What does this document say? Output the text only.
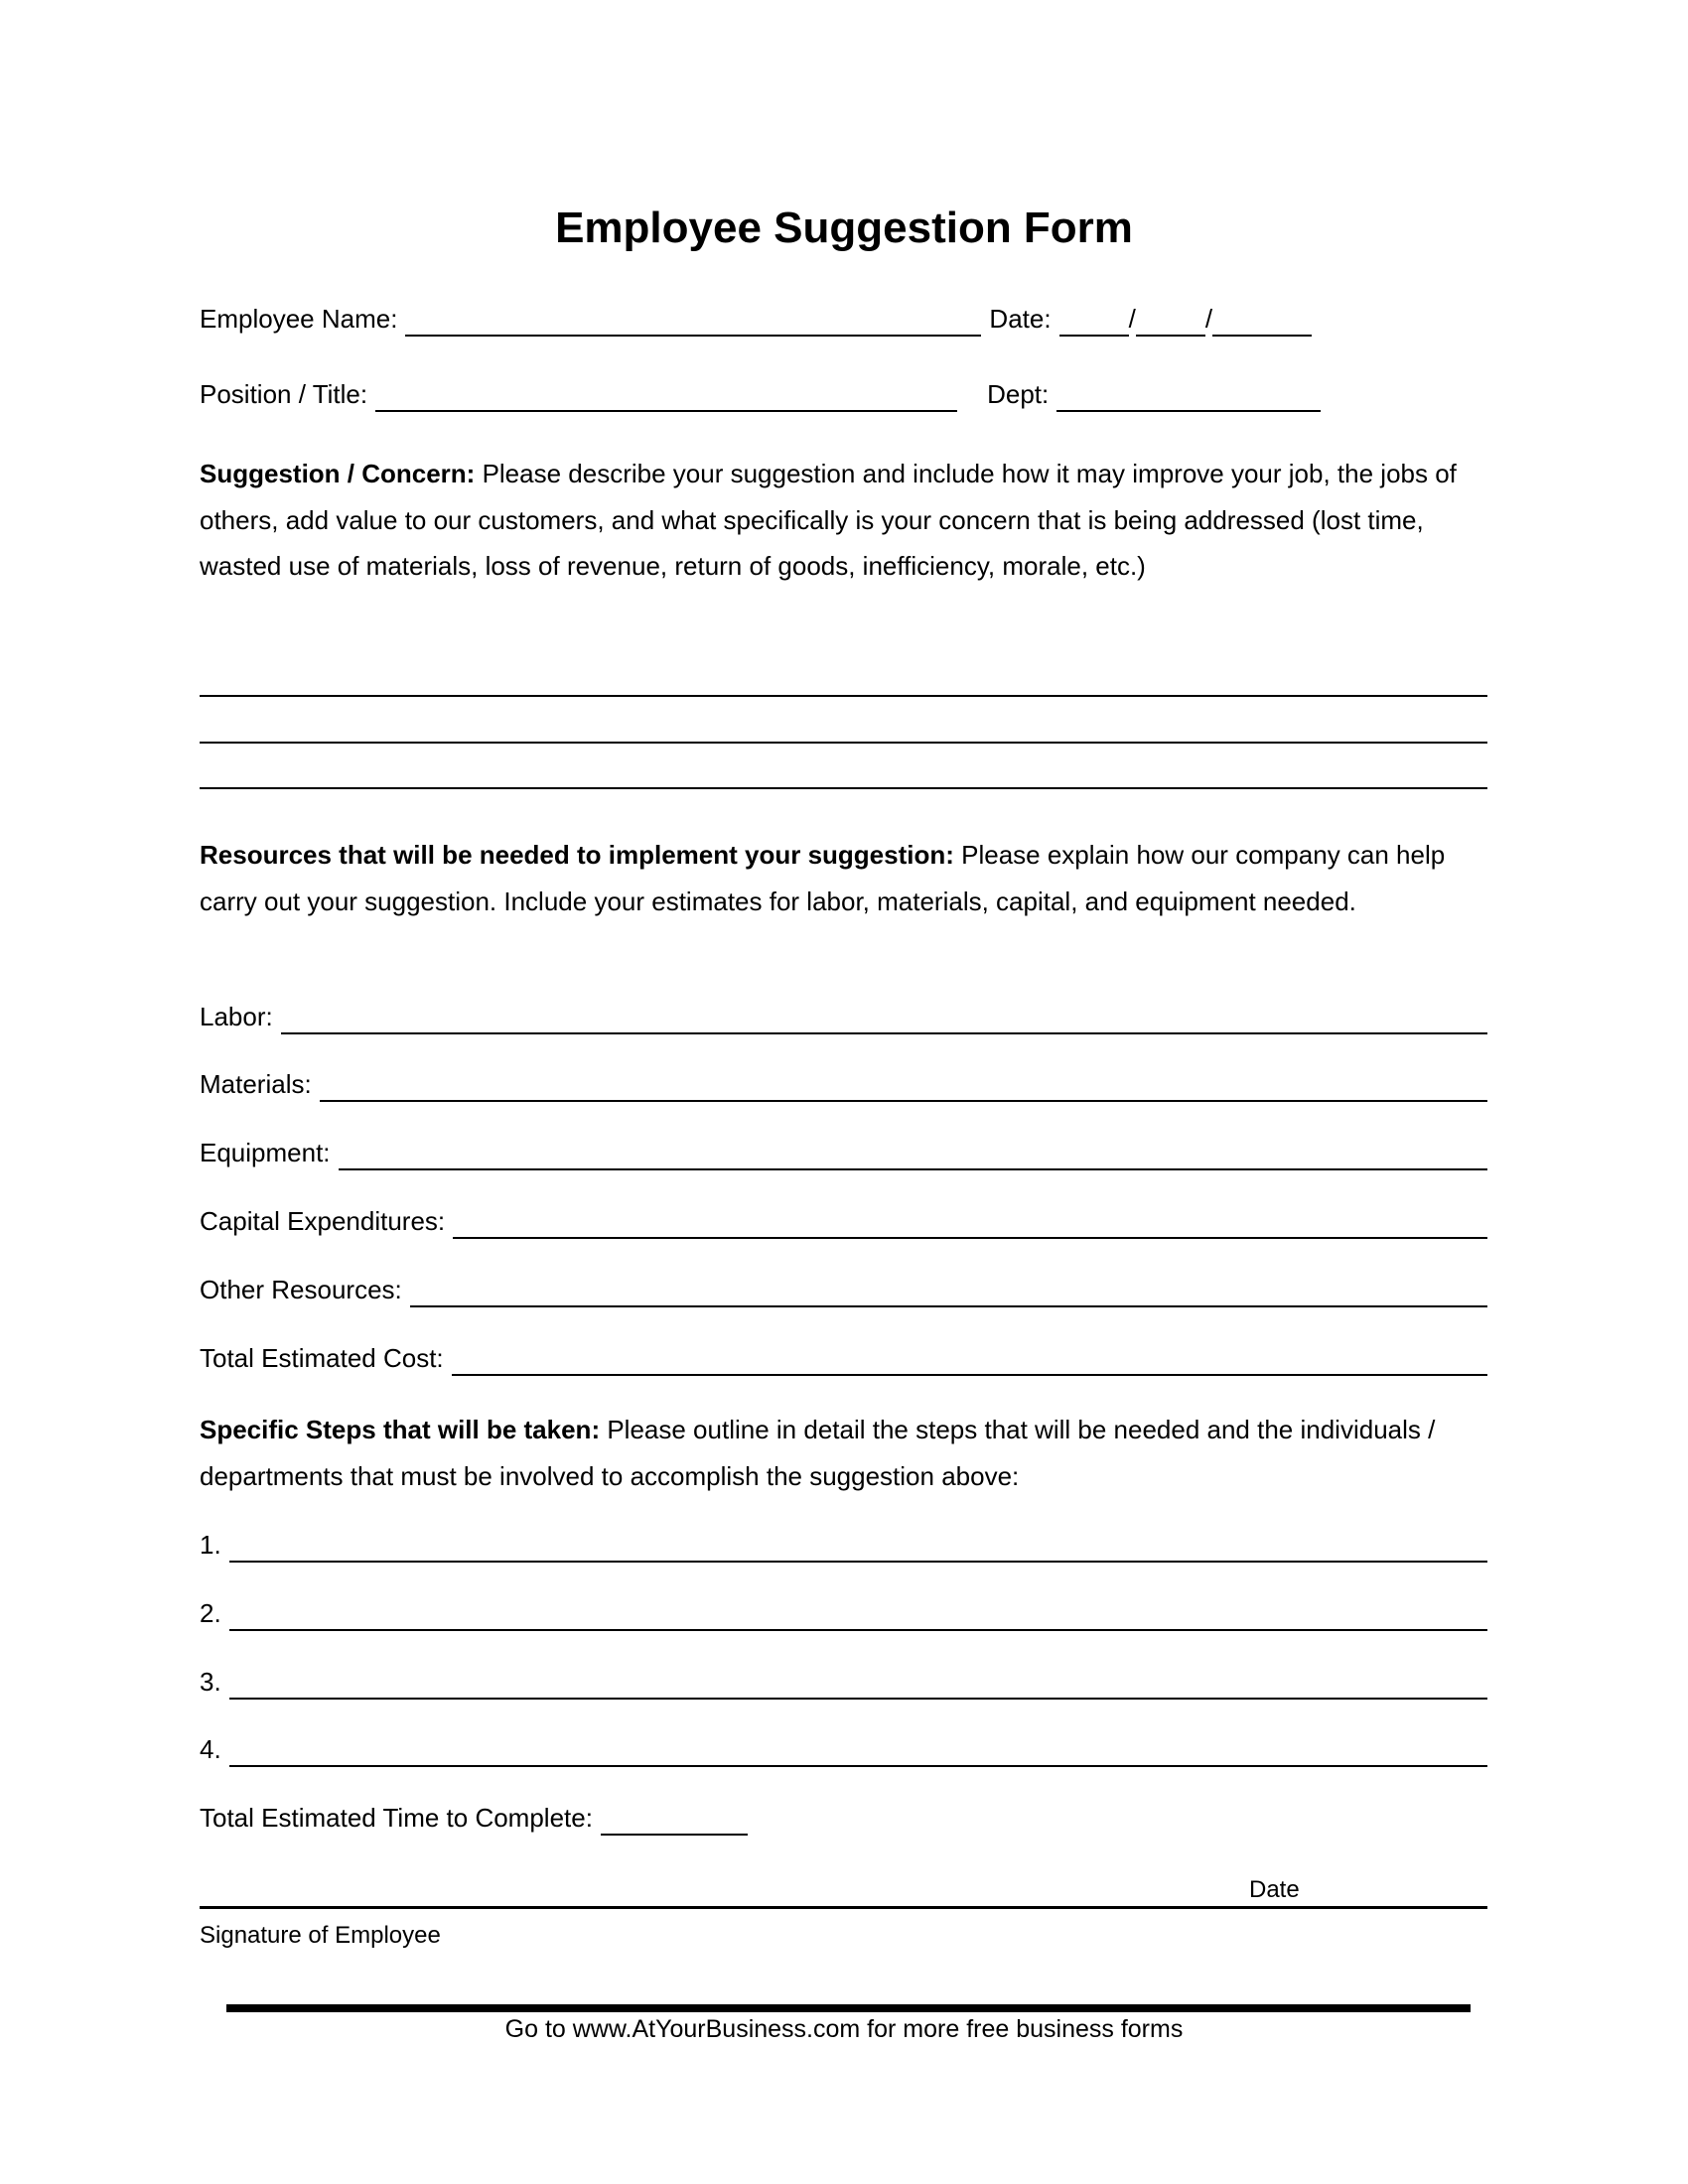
Employee Suggestion Form
Employee Name:	Date:	/	/
Position / Title:	Dept:
Suggestion / Concern: Please describe your suggestion and include how it may improve your job, the jobs of others, add value to our customers, and what specifically is your concern that is being addressed (lost time, wasted use of materials, loss of revenue, return of goods, inefficiency, morale, etc.)
Resources that will be needed to implement your suggestion: Please explain how our company can help carry out your suggestion. Include your estimates for labor, materials, capital, and equipment needed.
Labor:
Materials:
Equipment:
Capital Expenditures:
Other Resources:
Total Estimated Cost:
Specific Steps that will be taken: Please outline in detail the steps that will be needed and the individuals / departments that must be involved to accomplish the suggestion above:
1.
2.
3.
4.
Total Estimated Time to Complete:
Date
Signature of Employee
Go to www.AtYourBusiness.com for more free business forms
